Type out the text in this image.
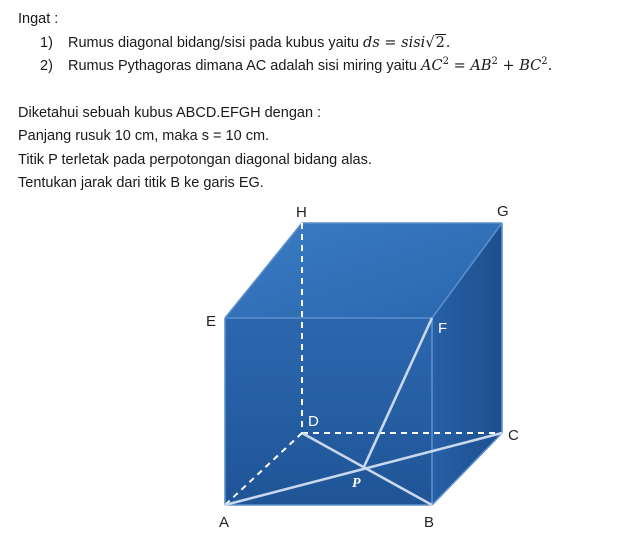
Ingat :
1) Rumus diagonal bidang/sisi pada kubus yaitu ds = sisi√2.
2) Rumus Pythagoras dimana AC adalah sisi miring yaitu $AC^2 = AB^2 + BC^2$.
Diketahui sebuah kubus ABCD.EFGH dengan :
Panjang rusuk 10 cm, maka s = 10 cm.
Titik P terletak pada perpotongan diagonal bidang alas.
Tentukan jarak dari titik B ke garis EG.
H	G
E	F
D
C
P
A	B
